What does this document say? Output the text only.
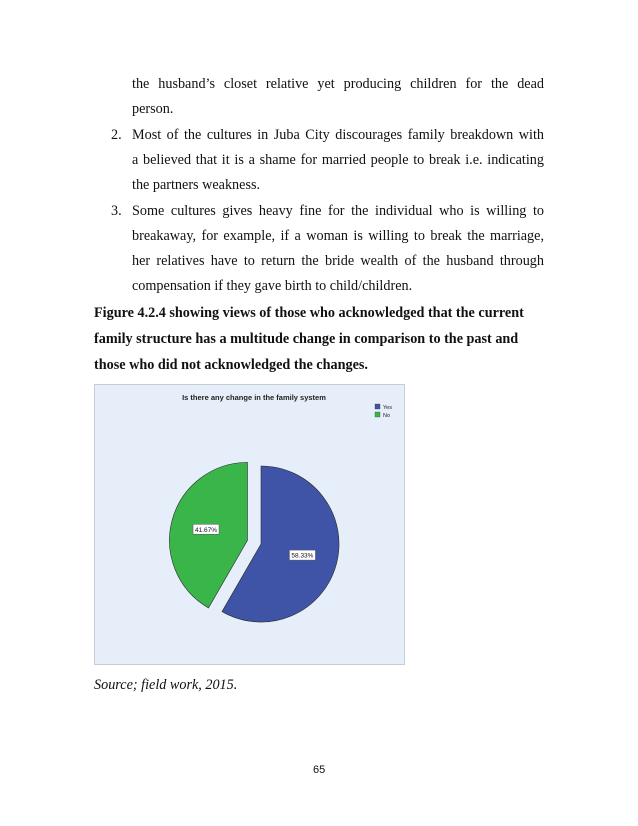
the husband’s closet relative yet producing children for the dead
person.
2. Most of the cultures in Juba City discourages family breakdown with
a believed that it is a shame for married people to break i.e. indicating
the partners weakness.
3. Some cultures gives heavy fine for the individual who is willing to
breakaway, for example, if a woman is willing to break the marriage,
her relatives have to return the bride wealth of the husband through
compensation if they gave birth to child/children.
Figure 4.2.4 showing views of those who acknowledged that the current
family structure has a multitude change in comparison to the past and
those who did not acknowledged the changes.
Is there any change in the family system
58.33%
41.67%
Yes
No
Source; field work, 2015.
65
